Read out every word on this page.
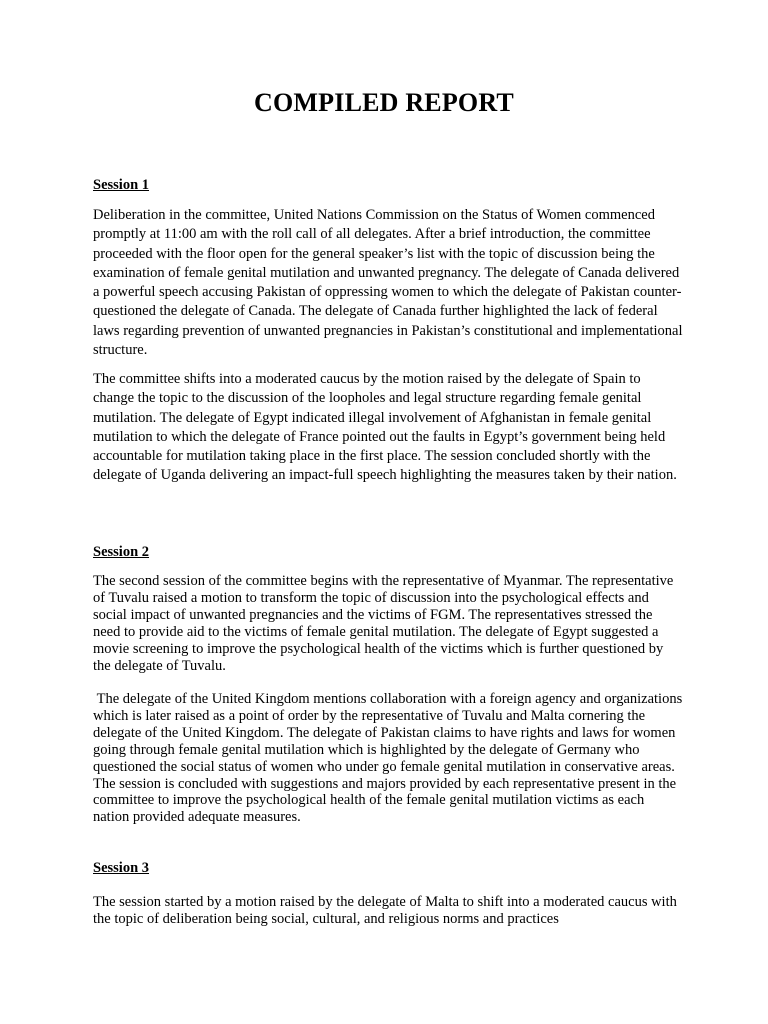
COMPILED REPORT
Session 1

Deliberation in the committee, United Nations Commission on the Status of Women commenced promptly at 11:00 am with the roll call of all delegates. After a brief introduction, the committee proceeded with the floor open for the general speaker’s list with the topic of discussion being the examination of female genital mutilation and unwanted pregnancy. The delegate of Canada delivered a powerful speech accusing Pakistan of oppressing women to which the delegate of Pakistan counter-questioned the delegate of Canada. The delegate of Canada further highlighted the lack of federal laws regarding prevention of unwanted pregnancies in Pakistan’s constitutional and implementational structure.

The committee shifts into a moderated caucus by the motion raised by the delegate of Spain to change the topic to the discussion of the loopholes and legal structure regarding female genital mutilation. The delegate of Egypt indicated illegal involvement of Afghanistan in female genital mutilation to which the delegate of France pointed out the faults in Egypt’s government being held accountable for mutilation taking place in the first place. The session concluded shortly with the delegate of Uganda delivering an impact-full speech highlighting the measures taken by their nation.

Session 2

The second session of the committee begins with the representative of Myanmar. The representative of Tuvalu raised a motion to transform the topic of discussion into the psychological effects and social impact of unwanted pregnancies and the victims of FGM. The representatives stressed the need to provide aid to the victims of female genital mutilation. The delegate of Egypt suggested a movie screening to improve the psychological health of the victims which is further questioned by the delegate of Tuvalu.

The delegate of the United Kingdom mentions collaboration with a foreign agency and organizations which is later raised as a point of order by the representative of Tuvalu and Malta cornering the delegate of the United Kingdom. The delegate of Pakistan claims to have rights and laws for women going through female genital mutilation which is highlighted by the delegate of Germany who questioned the social status of women who under go female genital mutilation in conservative areas. The session is concluded with suggestions and majors provided by each representative present in the committee to improve the psychological health of the female genital mutilation victims as each nation provided adequate measures.

Session 3

The session started by a motion raised by the delegate of Malta to shift into a moderated caucus with the topic of deliberation being social, cultural, and religious norms and practices
